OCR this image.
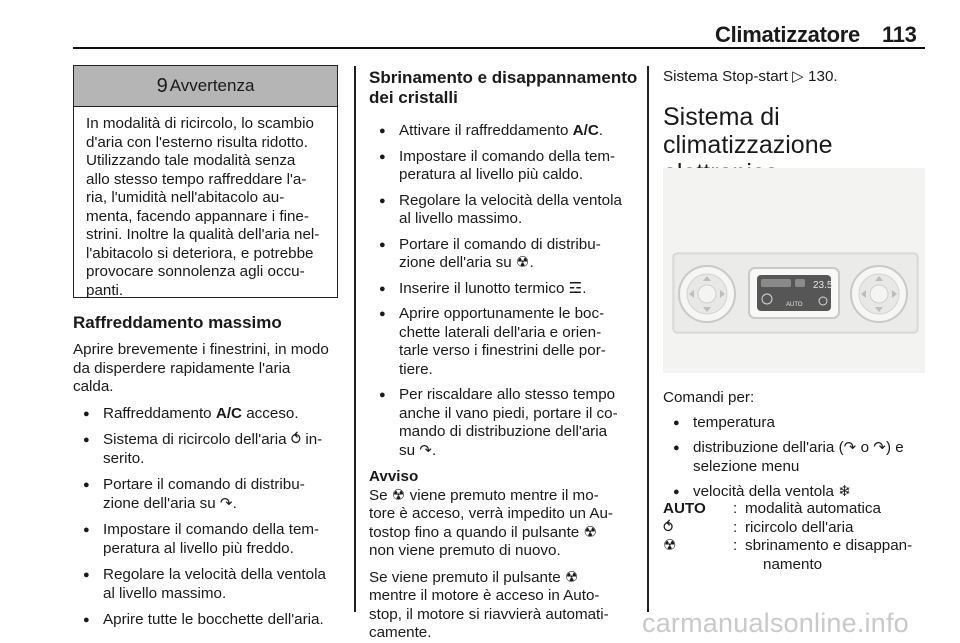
Climatizzatore 113
9 Avvertenza
In modalità di ricircolo, lo scambio
d'aria con l'esterno risulta ridotto.
Utilizzando tale modalità senza
allo stesso tempo raffreddare l'a-
ria, l'umidità nell'abitacolo au-
menta, facendo appannare i fine-
strini. Inoltre la qualità dell'aria nel-
l'abitacolo si deteriora, e potrebbe
provocare sonnolenza agli occu-
panti.
Raffreddamento massimo

Aprire brevemente i finestrini, in modo
da disperdere rapidamente l'aria
calda.

● Raffreddamento A/C acceso.
● Sistema di ricircolo dell'aria ⥀ in-
serito.
● Portare il comando di distribu-
zione dell'aria su ↷.
● Impostare il comando della tem-
peratura al livello più freddo.
● Regolare la velocità della ventola
al livello massimo.
● Aprire tutte le bocchette dell'aria.
Sbrinamento e disappannamento
dei cristalli
● Attivare il raffreddamento A/C.
● Impostare il comando della tem-
peratura al livello più caldo.
● Regolare la velocità della ventola
al livello massimo.
● Portare il comando di distribu-
zione dell'aria su ☢.
● Inserire il lunotto termico ☲.
● Aprire opportunamente le boc-
chette laterali dell'aria e orien-
tarle verso i finestrini delle por-
tiere.
● Per riscaldare allo stesso tempo
anche il vano piedi, portare il co-
mando di distribuzione dell'aria
su ↷.
Avviso

Se ☢ viene premuto mentre il mo-
tore è acceso, verrà impedito un Au-
tostop fino a quando il pulsante ☢
non viene premuto di nuovo.

Se viene premuto il pulsante ☢
mentre il motore è acceso in Auto-
stop, il motore si riavvierà automati-
camente.

Sistema Stop-start ▷ 130.

Sistema di climatizzazione

23.5
AUTO

Comandi per:

● temperatura
● distribuzione dell'aria (↷ o ↷) e
selezione menu
● velocità della ventola ❄
AUTO	: modalità automatica
⥀	: ricircolo dell'aria
☢	: sbrinamento e disappan-
namento
carmanualsonline.info
